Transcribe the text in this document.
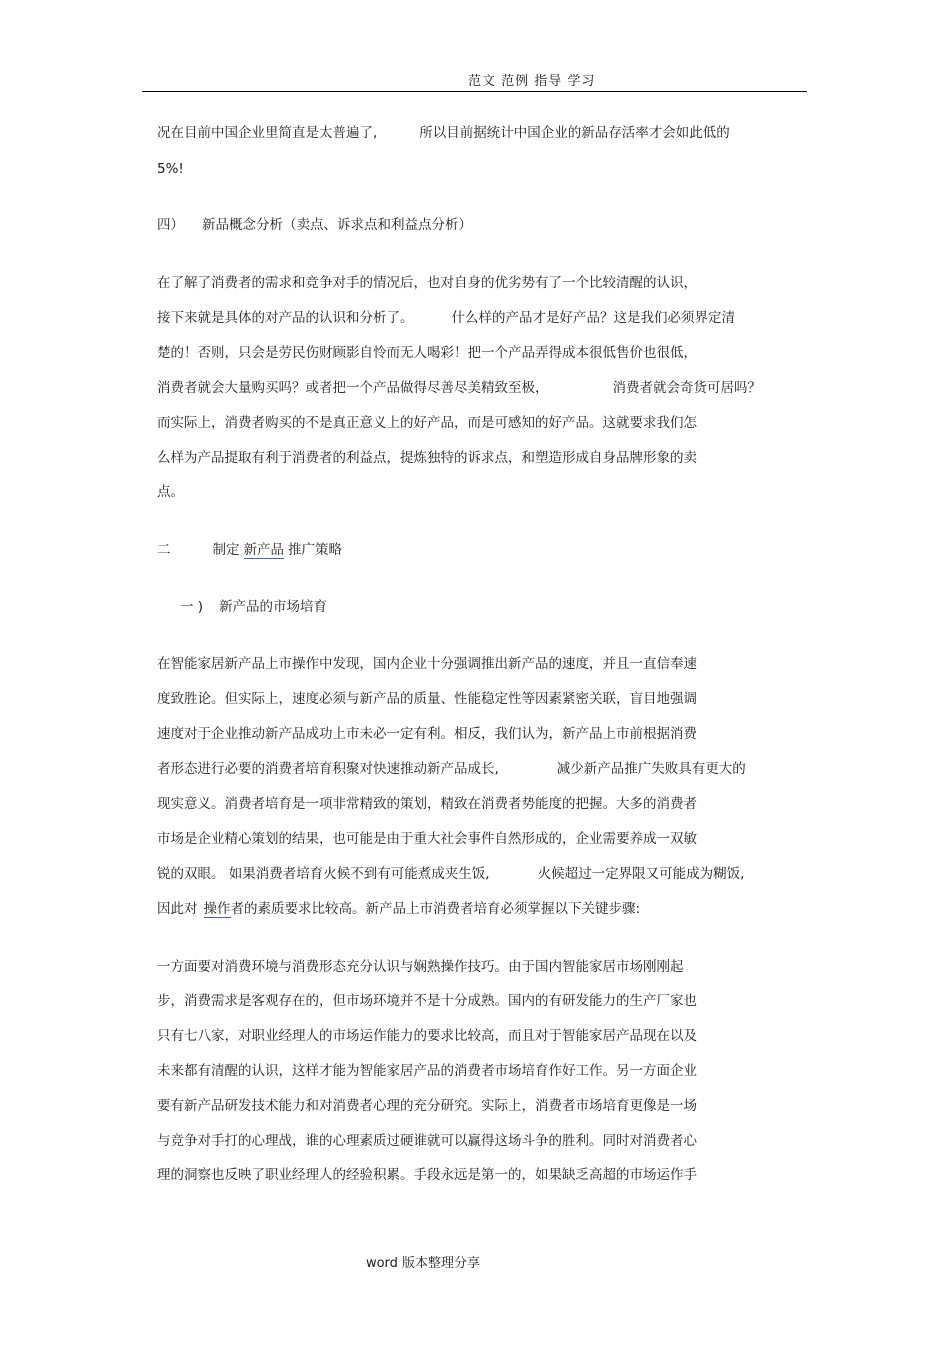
范文 范例 指导 学习
况在目前中国企业里简直是太普遍了,	所以目前据统计中国企业的新品存活率才会如此低的
5%!
四） 新品概念分析（卖点、诉求点和利益点分析）
在了解了消费者的需求和竞争对手的情况后，也对自身的优劣势有了一个比较清醒的认识，
接下来就是具体的对产品的认识和分析了。	什么样的产品才是好产品？这是我们必须界定清
楚的！否则，只会是劳民伤财顾影自怜而无人喝彩！把一个产品弄得成本很低售价也很低，
消费者就会大量购买吗？或者把一个产品做得尽善尽美精致至极，	消费者就会奇货可居吗？
而实际上，消费者购买的不是真正意义上的好产品，而是可感知的好产品。这就要求我们怎
么样为产品提取有利于消费者的利益点，提炼独特的诉求点，和塑造形成自身品牌形象的卖
点。
二	制定 新产品 推广策略
一 ) 新产品的市场培育
在智能家居新产品上市操作中发现，国内企业十分强调推出新产品的速度，并且一直信奉速
度致胜论。但实际上，速度必须与新产品的质量、性能稳定性等因素紧密关联，盲目地强调
速度对于企业推动新产品成功上市未必一定有利。相反，我们认为，新产品上市前根据消费
者形态进行必要的消费者培育积聚对快速推动新产品成长,	减少新产品推广失败具有更大的
现实意义。消费者培育是一项非常精致的策划，精致在消费者势能度的把握。大多的消费者
市场是企业精心策划的结果，也可能是由于重大社会事件自然形成的，企业需要养成一双敏
锐的双眼。 如果消费者培育火候不到有可能煮成夹生饭,	火候超过一定界限又可能成为糊饭,
因此对 操作者的素质要求比较高。新产品上市消费者培育必须掌握以下关键步骤:
一方面要对消费环境与消费形态充分认识与娴熟操作技巧。由于国内智能家居市场刚刚起
步，消费需求是客观存在的，但市场环境并不是十分成熟。国内的有研发能力的生产厂家也
只有七八家，对职业经理人的市场运作能力的要求比较高，而且对于智能家居产品现在以及
未来都有清醒的认识，这样才能为智能家居产品的消费者市场培育作好工作。另一方面企业
要有新产品研发技术能力和对消费者心理的充分研究。实际上，消费者市场培育更像是一场
与竞争对手打的心理战，谁的心理素质过硬谁就可以赢得这场斗争的胜利。同时对消费者心
理的洞察也反映了职业经理人的经验积累。手段永远是第一的，如果缺乏高超的市场运作手
word 版本整理分享
